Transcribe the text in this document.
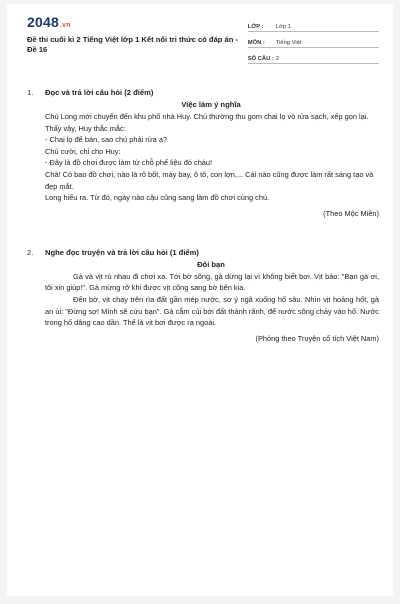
2048.vn
Đề thi cuối kì 2 Tiếng Việt lớp 1 Kết nối tri thức có đáp án - Đề 16
LỚP :	Lớp 1
MÔN :	Tiếng Việt
SỐ CÂU : 2
1.	Đọc và trả lời câu hỏi (2 điểm)
Việc làm ý nghĩa

Chú Long mới chuyển đến khu phố nhà Huy. Chú thường thu gom chai lọ vỏ rửa sạch, xếp gọn lại. Thấy vậy, Huy thắc mắc:

- Chai lọ để bán, sao chú phải rửa ạ?

Chú cười, chỉ cho Huy:

- Đây là đồ chơi được làm từ chỗ phế liệu đó cháu!

Chà! Có bao đồ chơi, nào là rô bốt, máy bay, ô tô, con lợn,... Cái nào cũng được làm rất sáng tạo và đẹp mắt.

Long hiểu ra. Từ đó, ngày nào cậu cũng sang làm đồ chơi cùng chú.

(Theo Mộc Miên)
2.	Nghe đọc truyện và trả lời câu hỏi (1 điểm)
Đôi bạn

Gà và vịt rủ nhau đi chơi xa. Tới bờ sông, gà dừng lại vì không biết bơi. Vịt bảo: "Bạn gà ơi, tôi xin giúp!". Gà mừng rỡ khi được vịt cõng sang bờ bên kia.

Đến bờ, vịt chạy trên rìa đất gần mép nước, sơ ý ngã xuống hố sâu. Nhìn vịt hoảng hốt, gà an ủi: "Đừng sợ! Mình sẽ cứu bạn". Gà cắm cúi bới đất thành rãnh, để nước sông chảy vào hố. Nước trong hố dâng cao dần. Thế là vịt bơi được ra ngoài.

(Phỏng theo Truyện cổ tích Việt Nam)
